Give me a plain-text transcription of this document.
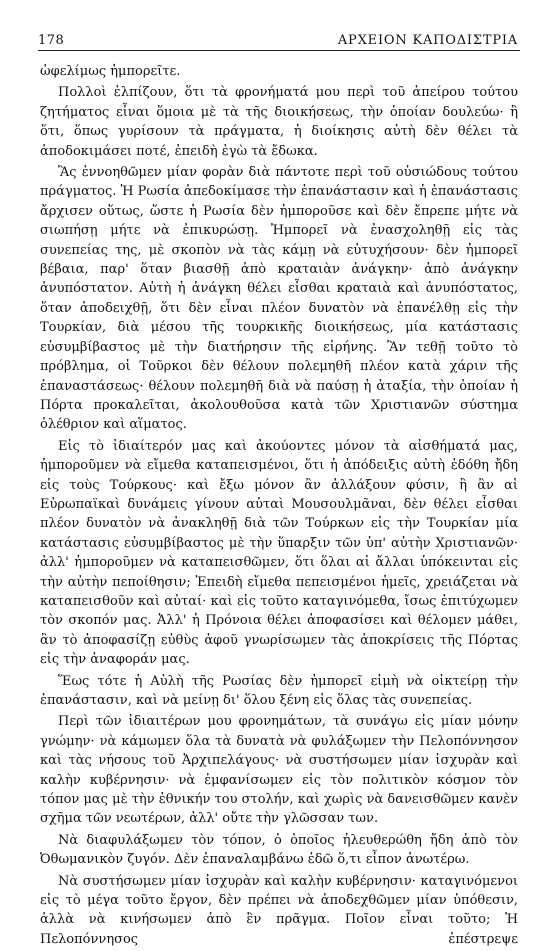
178	ΑΡΧΕΙΟΝ ΚΑΠΟΔΙΣΤΡΙΑ

ὠφελίμως ἠμπορεῖτε.

Πολλοὶ ἐλπίζουν, ὅτι τὰ φρονήματά μου περὶ τοῦ ἀπείρου τούτου ζητήματος εἶναι ὅμοια μὲ τὰ τῆς διοικήσεως, τὴν ὁποίαν δουλεύω· ἢ ὅτι, ὅπως γυρίσουν τὰ πράγματα, ἡ διοίκησις αὐτὴ δὲν θέλει τὰ ἀποδοκιμάσει ποτέ, ἐπειδὴ ἐγὼ τὰ ἔδωκα.

Ἂς ἐννοηθῶμεν μίαν φορὰν διὰ πάντοτε περὶ τοῦ οὐσιώδους τούτου πράγματος. Ἡ Ρωσία ἀπεδοκίμασε τὴν ἐπανάστασιν καὶ ἡ ἐπανάστασις ἄρχισεν οὕτως, ὥστε ἡ Ρωσία δὲν ἠμποροῦσε καὶ δὲν ἔπρεπε μήτε νὰ σιωπήσῃ μήτε νὰ ἐπικυρώσῃ. Ἠμπορεῖ νὰ ἐνασχοληθῇ εἰς τὰς συνεπείας της, μὲ σκοπὸν νὰ τὰς κάμῃ νὰ εὐτυχήσουν· δὲν ἠμπορεῖ βέβαια, παρ' ὅταν βιασθῇ ἀπὸ κραταιὰν ἀνάγκην· ἀπὸ ἀνάγκην ἀνυπόστατον. Αὐτὴ ἡ ἀνάγκη θέλει εἶσθαι κραταιὰ καὶ ἀνυπόστατος, ὅταν ἀποδειχθῇ, ὅτι δὲν εἶναι πλέον δυνατὸν νὰ ἐπανέλθῃ εἰς τὴν Τουρκίαν, διὰ μέσου τῆς τουρκικῆς διοικήσεως, μία κατάστασις εὐσυμβίβαστος μὲ τὴν διατήρησιν τῆς εἰρήνης. Ἂν τεθῇ τοῦτο τὸ πρόβλημα, οἱ Τοῦρκοι δὲν θέλουν πολεμηθῆ πλέον κατὰ χάριν τῆς ἐπαναστάσεως· θέλουν πολεμηθῆ διὰ νὰ παύσῃ ἡ ἀταξία, τὴν ὁποίαν ἡ Πόρτα προκαλεῖται, ἀκολουθοῦσα κατὰ τῶν Χριστιανῶν σύστημα ὀλέθριον καὶ αἵματος.

Εἰς τὸ ἰδιαίτερόν μας καὶ ἀκούοντες μόνον τὰ αἰσθήματά μας, ἠμποροῦμεν νὰ εἴμεθα καταπεισμένοι, ὅτι ἡ ἀπόδειξις αὐτὴ ἐδόθη ἤδη εἰς τοὺς Τούρκους· καὶ ἔξω μόνον ἂν ἀλλάξουν φύσιν, ἢ ἂν αἱ Εὐρωπαϊκαὶ δυνάμεις γίνουν αὐταὶ Μουσουλμᾶναι, δὲν θέλει εἶσθαι πλέον δυνατὸν νὰ ἀνακληθῇ διὰ τῶν Τούρκων εἰς τὴν Τουρκίαν μία κατάστασις εὐσυμβίβαστος μὲ τὴν ὕπαρξιν τῶν ὑπ' αὐτὴν Χριστιανῶν· ἀλλ' ἠμποροῦμεν νὰ καταπεισθῶμεν, ὅτι ὅλαι αἱ ἄλλαι ὑπόκεινται εἰς τὴν αὐτὴν πεποίθησιν; Ἐπειδὴ εἴμεθα πεπεισμένοι ἡμεῖς, χρειάζεται νὰ καταπεισθοῦν καὶ αὐταί· καὶ εἰς τοῦτο καταγινόμεθα, ἴσως ἐπιτύχωμεν τὸν σκοπόν μας. Ἀλλ' ἡ Πρόνοια θέλει ἀποφασίσει καὶ θέλομεν μάθει, ἂν τὸ ἀποφασίζῃ εὐθὺς ἀφοῦ γνωρίσωμεν τὰς ἀποκρίσεις τῆς Πόρτας εἰς τὴν ἀναφοράν μας.

Ἕως τότε ἡ Αὐλὴ τῆς Ρωσίας δὲν ἠμπορεῖ εἰμὴ νὰ οἰκτείρῃ τὴν ἐπανάστασιν, καὶ νὰ μείνῃ δι' ὅλου ξένη εἰς ὅλας τὰς συνεπείας.

Περὶ τῶν ἰδιαιτέρων μου φρονημάτων, τὰ συνάγω εἰς μίαν μόνην γνώμην· νὰ κάμωμεν ὅλα τὰ δυνατὰ νὰ φυλάξωμεν τὴν Πελοπόννησον καὶ τὰς νήσους τοῦ Ἀρχιπελάγους· νὰ συστήσωμεν μίαν ἰσχυρὰν καὶ καλὴν κυβέρνησιν· νὰ ἐμφανίσωμεν εἰς τὸν πολιτικὸν κόσμον τὸν τόπον μας μὲ τὴν ἐθνικήν του στολήν, καὶ χωρὶς νὰ δανεισθῶμεν κανὲν σχῆμα τῶν νεωτέρων, ἀλλ' οὔτε τὴν γλῶσσαν των.

Νὰ διαφυλάξωμεν τὸν τόπον, ὁ ὁποῖος ἠλευθερώθη ἤδη ἀπὸ τὸν Ὀθωμανικὸν ζυγόν. Δὲν ἐπαναλαμβάνω ἐδῶ ὅ,τι εἶπον ἀνωτέρω.

Νὰ συστήσωμεν μίαν ἰσχυρὰν καὶ καλὴν κυβέρνησιν· καταγινόμενοι εἰς τὸ μέγα τοῦτο ἔργον, δὲν πρέπει νὰ ἀποδεχθῶμεν μίαν ὑπόθεσιν, ἀλλὰ νὰ κινήσωμεν ἀπὸ ἓν πρᾶγμα. Ποῖον εἶναι τοῦτο; Ἡ Πελοπόννησος ἐπέστρεψε
